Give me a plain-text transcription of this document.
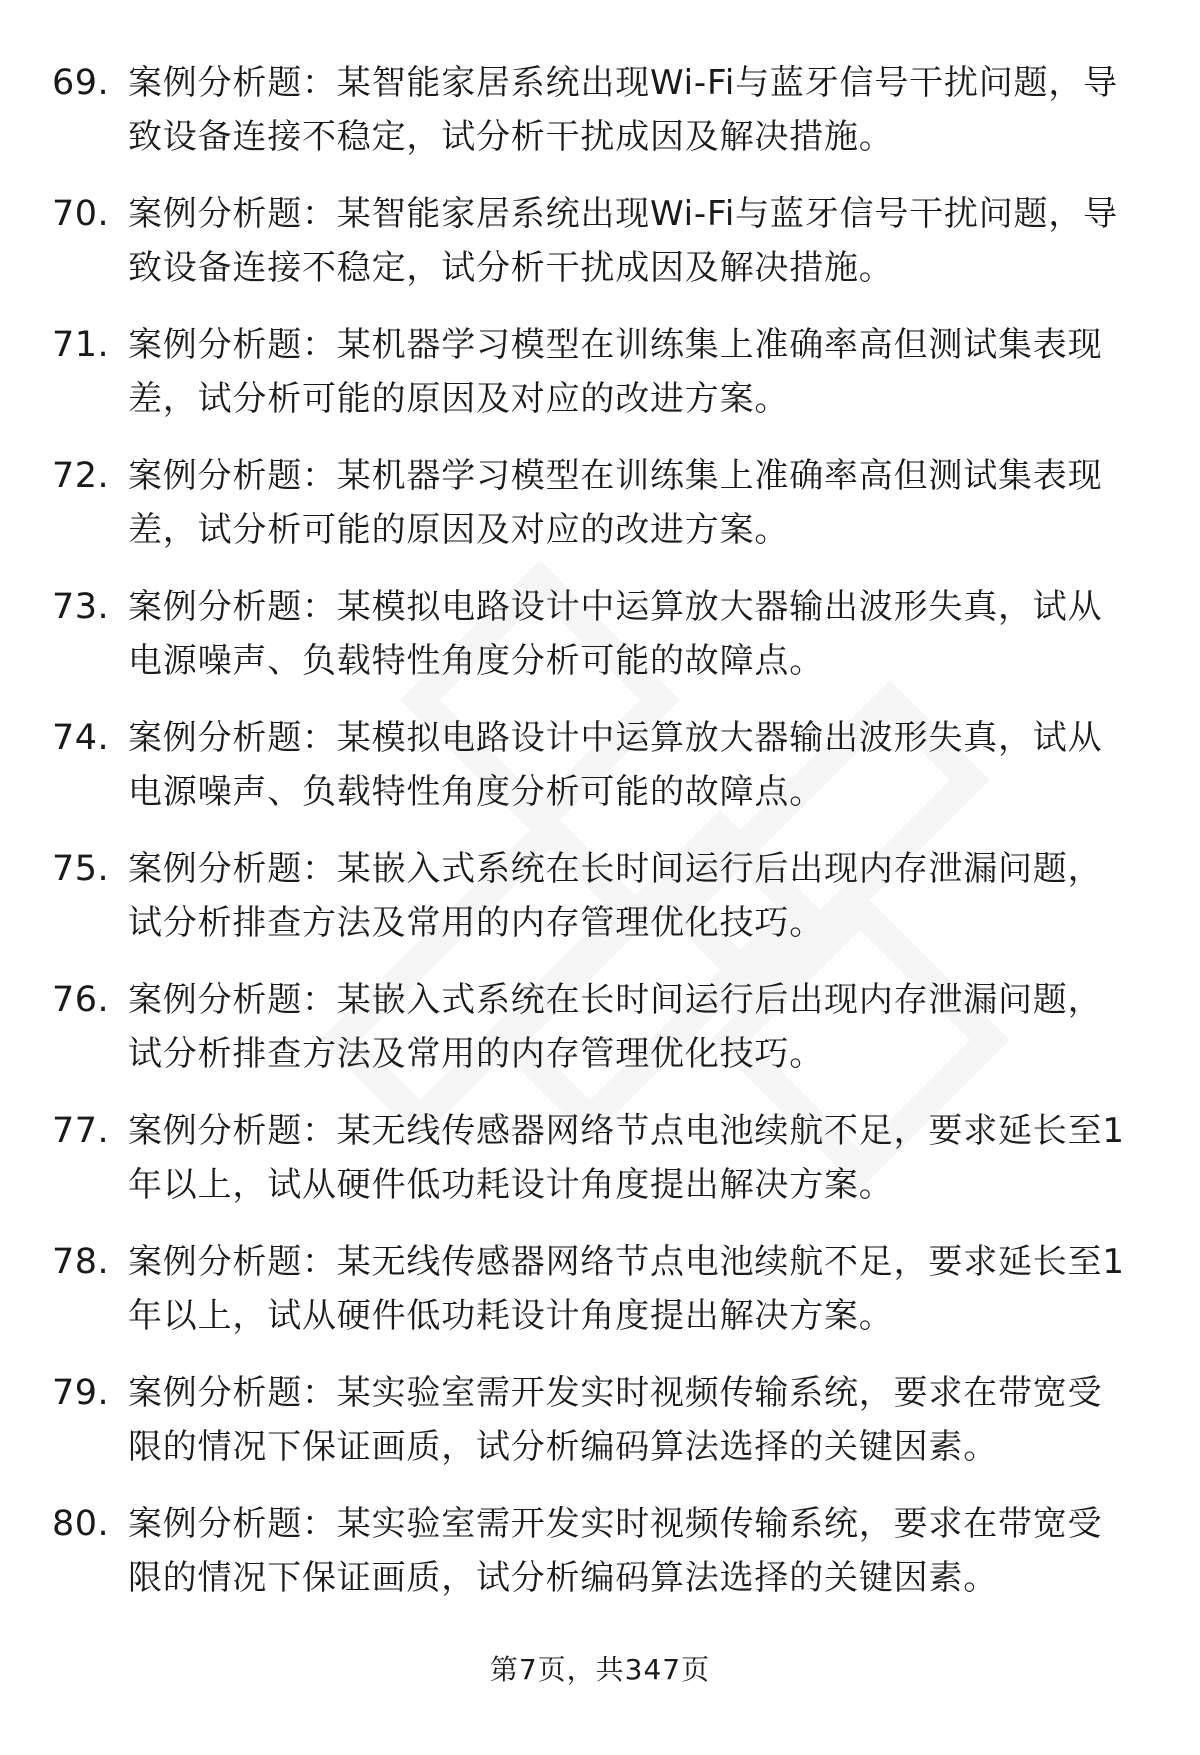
69. 案例分析题：某智能家居系统出现Wi-Fi与蓝牙信号干扰问题，导致设备连接不稳定，试分析干扰成因及解决措施。
70. 案例分析题：某智能家居系统出现Wi-Fi与蓝牙信号干扰问题，导致设备连接不稳定，试分析干扰成因及解决措施。
71. 案例分析题：某机器学习模型在训练集上准确率高但测试集表现差，试分析可能的原因及对应的改进方案。
72. 案例分析题：某机器学习模型在训练集上准确率高但测试集表现差，试分析可能的原因及对应的改进方案。
73. 案例分析题：某模拟电路设计中运算放大器输出波形失真，试从电源噪声、负载特性角度分析可能的故障点。
74. 案例分析题：某模拟电路设计中运算放大器输出波形失真，试从电源噪声、负载特性角度分析可能的故障点。
75. 案例分析题：某嵌入式系统在长时间运行后出现内存泄漏问题，试分析排查方法及常用的内存管理优化技巧。
76. 案例分析题：某嵌入式系统在长时间运行后出现内存泄漏问题，试分析排查方法及常用的内存管理优化技巧。
77. 案例分析题：某无线传感器网络节点电池续航不足，要求延长至1年以上，试从硬件低功耗设计角度提出解决方案。
78. 案例分析题：某无线传感器网络节点电池续航不足，要求延长至1年以上，试从硬件低功耗设计角度提出解决方案。
79. 案例分析题：某实验室需开发实时视频传输系统，要求在带宽受限的情况下保证画质，试分析编码算法选择的关键因素。
80. 案例分析题：某实验室需开发实时视频传输系统，要求在带宽受限的情况下保证画质，试分析编码算法选择的关键因素。
第7页，共347页
